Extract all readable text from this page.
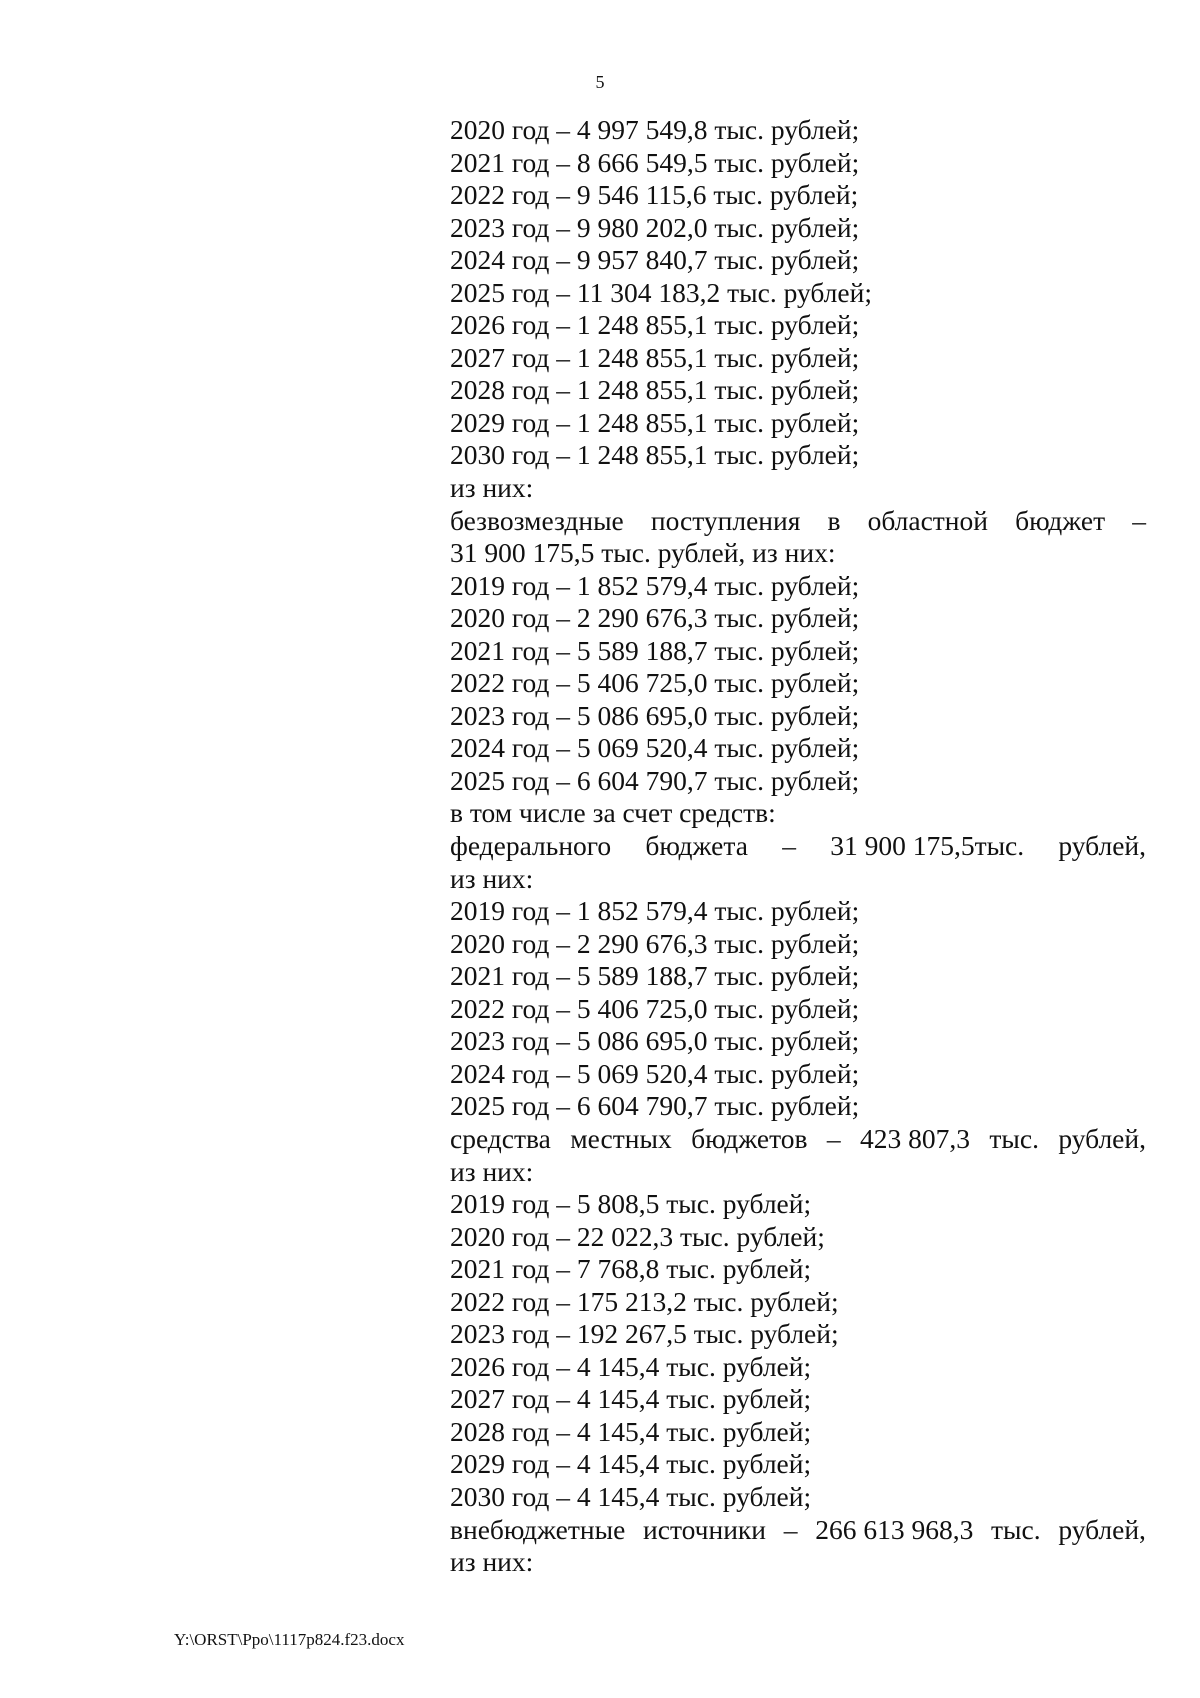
5
2020 год – 4 997 549,8 тыс. рублей;
2021 год – 8 666 549,5 тыс. рублей;
2022 год – 9 546 115,6 тыс. рублей;
2023 год – 9 980 202,0 тыс. рублей;
2024 год – 9 957 840,7 тыс. рублей;
2025 год – 11 304 183,2 тыс. рублей;
2026 год – 1 248 855,1 тыс. рублей;
2027 год – 1 248 855,1 тыс. рублей;
2028 год – 1 248 855,1 тыс. рублей;
2029 год – 1 248 855,1 тыс. рублей;
2030 год – 1 248 855,1 тыс. рублей;
из них:
безвозмездные поступления в областной бюджет –
31 900 175,5 тыс. рублей, из них:
2019 год – 1 852 579,4 тыс. рублей;
2020 год – 2 290 676,3 тыс. рублей;
2021 год – 5 589 188,7 тыс. рублей;
2022 год – 5 406 725,0 тыс. рублей;
2023 год – 5 086 695,0 тыс. рублей;
2024 год – 5 069 520,4 тыс. рублей;
2025 год – 6 604 790,7 тыс. рублей;
в том числе за счет средств:
федерального бюджета – 31 900 175,5тыс. рублей,
из них:
2019 год – 1 852 579,4 тыс. рублей;
2020 год – 2 290 676,3 тыс. рублей;
2021 год – 5 589 188,7 тыс. рублей;
2022 год – 5 406 725,0 тыс. рублей;
2023 год – 5 086 695,0 тыс. рублей;
2024 год – 5 069 520,4 тыс. рублей;
2025 год – 6 604 790,7 тыс. рублей;
средства местных бюджетов – 423 807,3 тыс. рублей,
из них:
2019 год – 5 808,5 тыс. рублей;
2020 год – 22 022,3 тыс. рублей;
2021 год – 7 768,8 тыс. рублей;
2022 год – 175 213,2 тыс. рублей;
2023 год – 192 267,5 тыс. рублей;
2026 год – 4 145,4 тыс. рублей;
2027 год – 4 145,4 тыс. рублей;
2028 год – 4 145,4 тыс. рублей;
2029 год – 4 145,4 тыс. рублей;
2030 год – 4 145,4 тыс. рублей;
внебюджетные источники – 266 613 968,3 тыс. рублей,
из них:
Y:\ORST\Ppo\1117p824.f23.docx
